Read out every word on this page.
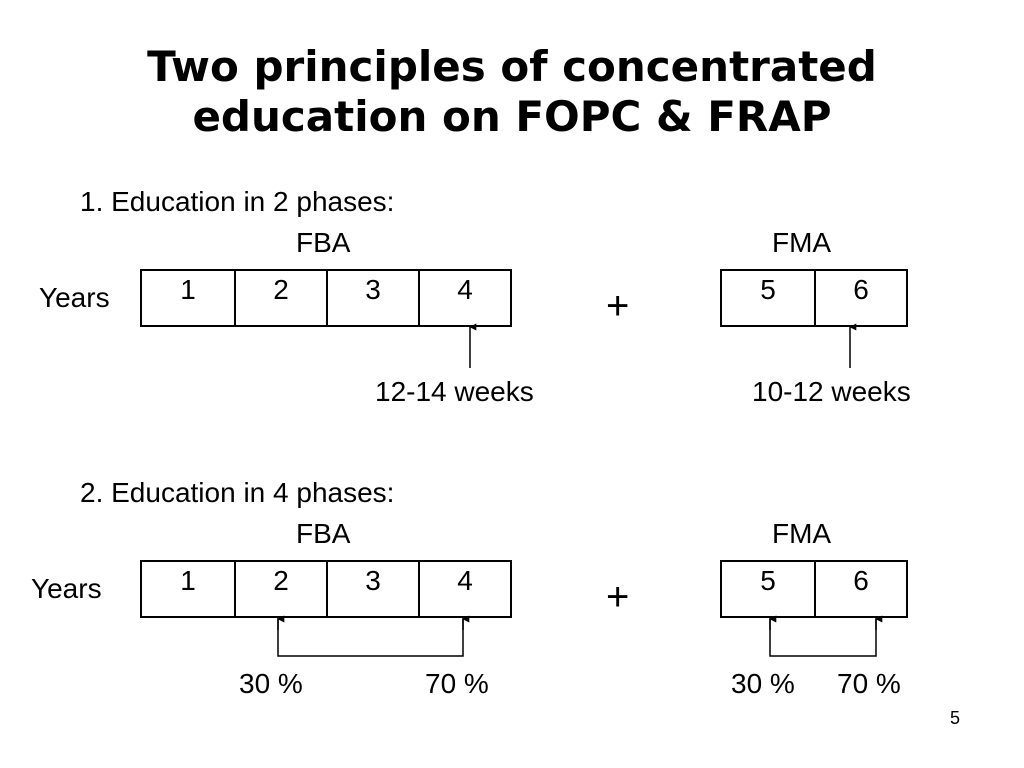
Two principles of concentrated
education on FOPC & FRAP
1. Education in 2 phases:
FBA	FMA
Years	1	2	3	4	+	5	6
12-14 weeks	10-12 weeks
2. Education in 4 phases:
FBA	FMA
Years	1	2	3	4	+	5	6
30 %	70 %	30 % 70 %
5
